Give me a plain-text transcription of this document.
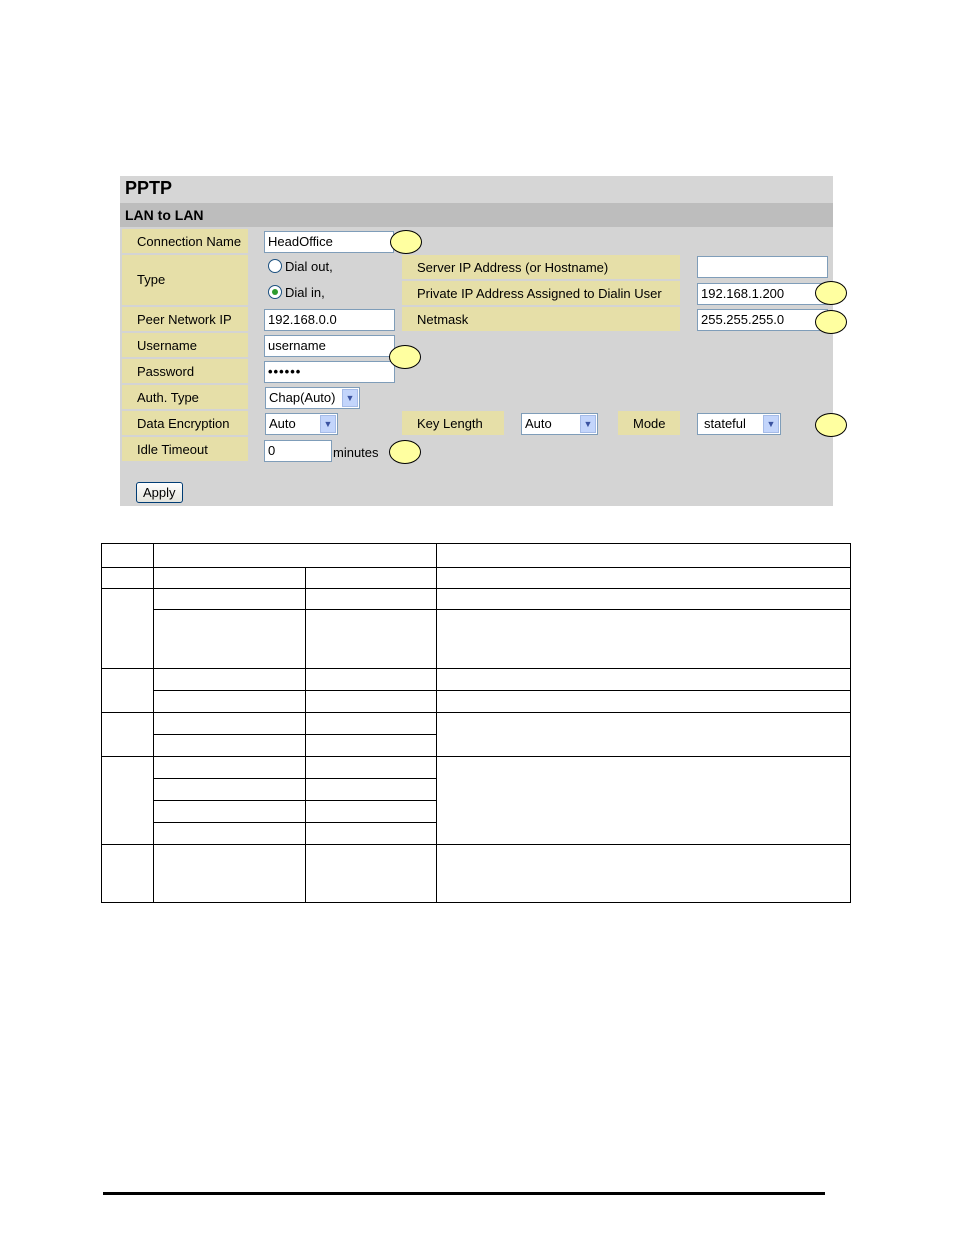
PPTP
LAN to LAN
Connection Name	HeadOffice
Type
Dial out,
Dial in,
Server IP Address (or Hostname)
Private IP Address Assigned to Dialin User	192.168.1.200
Peer Network IP	192.168.0.0	Netmask	255.255.255.0
Username	username
Password	••••••
Auth. Type	Chap(Auto)	▼
Data Encryption	Auto	▼	Key Length	Auto	▼	Mode	stateful	▼
Idle Timeout	0	minutes
Apply
